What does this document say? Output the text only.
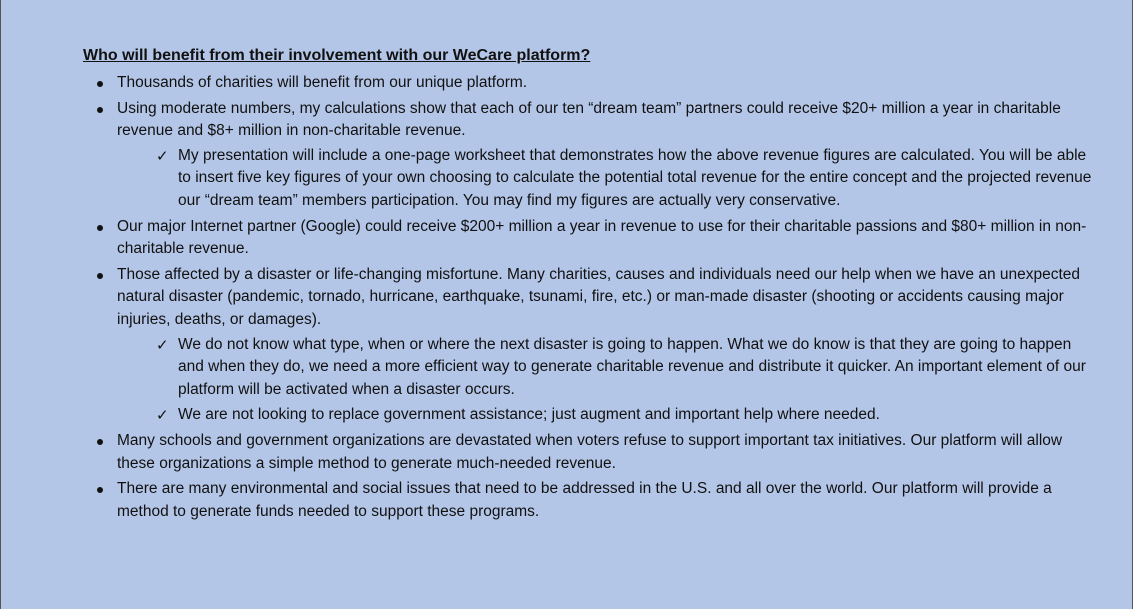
Who will benefit from their involvement with our WeCare platform?
Thousands of charities will benefit from our unique platform.
Using moderate numbers, my calculations show that each of our ten “dream team” partners could receive $20+ million a year in charitable revenue and $8+ million in non-charitable revenue.
✓ My presentation will include a one-page worksheet that demonstrates how the above revenue figures are calculated. You will be able to insert five key figures of your own choosing to calculate the potential total revenue for the entire concept and the projected revenue our “dream team” members participation. You may find my figures are actually very conservative.
Our major Internet partner (Google) could receive $200+ million a year in revenue to use for their charitable passions and $80+ million in non-charitable revenue.
Those affected by a disaster or life-changing misfortune. Many charities, causes and individuals need our help when we have an unexpected natural disaster (pandemic, tornado, hurricane, earthquake, tsunami, fire, etc.) or man-made disaster (shooting or accidents causing major injuries, deaths, or damages).
✓ We do not know what type, when or where the next disaster is going to happen. What we do know is that they are going to happen and when they do, we need a more efficient way to generate charitable revenue and distribute it quicker. An important element of our platform will be activated when a disaster occurs.
✓ We are not looking to replace government assistance; just augment and important help where needed.
Many schools and government organizations are devastated when voters refuse to support important tax initiatives. Our platform will allow these organizations a simple method to generate much-needed revenue.
There are many environmental and social issues that need to be addressed in the U.S. and all over the world. Our platform will provide a method to generate funds needed to support these programs.
